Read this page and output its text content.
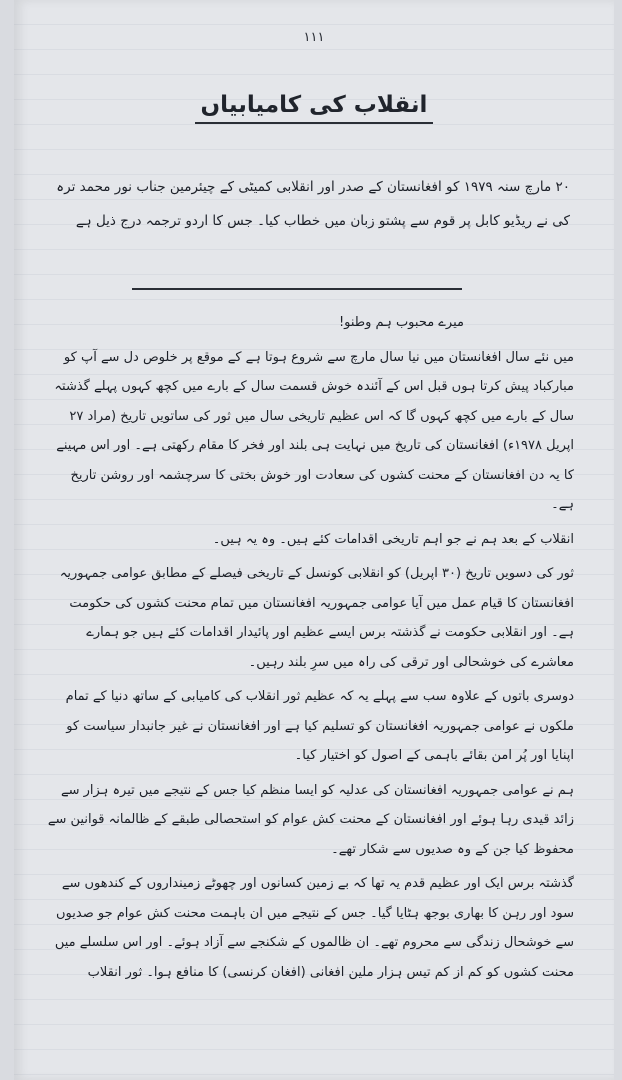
۱۱۱
انقلاب کی کامیابیاں
۲۰ مارچ سنہ ۱۹۷۹ کو افغانستان کے صدر اور انقلابی کمیٹی کے چیئرمین جناب نور محمد ترہ کی نے ریڈیو کابل پر قوم سے پشتو زبان میں خطاب کیا۔ جس کا اردو ترجمہ درج ذیل ہے

میرے محبوب ہم وطنو!

میں نئے سال افغانستان میں نیا سال مارچ سے شروع ہوتا ہے کے موقع پر خلوص دل سے آپ کو مبارکباد پیش کرتا ہوں قبل اس کے آئندہ خوش قسمت سال کے بارے میں کچھ کہوں پہلے گذشتہ سال کے بارے میں کچھ کہوں گا کہ اس عظیم تاریخی سال میں ثور کی ساتویں تاریخ (مراد ۲۷ اپریل ۱۹۷۸ء) افغانستان کی تاریخ میں نہایت ہی بلند اور فخر کا مقام رکھتی ہے۔ اور اس مہینے کا یہ دن افغانستان کے محنت کشوں کی سعادت اور خوش بختی کا سرچشمہ اور روشن تاریخ ہے۔

انقلاب کے بعد ہم نے جو اہم تاریخی اقدامات کئے ہیں۔ وہ یہ ہیں۔

ثور کی دسویں تاریخ (۳۰ اپریل) کو انقلابی کونسل کے تاریخی فیصلے کے مطابق عوامی جمہوریہ افغانستان کا قیام عمل میں آیا عوامی جمہوریہ افغانستان میں تمام محنت کشوں کی حکومت ہے۔ اور انقلابی حکومت نے گذشتہ برس ایسے عظیم اور پائیدار اقدامات کئے ہیں جو ہمارے معاشرے کی خوشحالی اور ترقی کی راہ میں سرِ بلند رہیں۔

دوسری باتوں کے علاوہ سب سے پہلے یہ کہ عظیم ثور انقلاب کی کامیابی کے ساتھ دنیا کے تمام ملکوں نے عوامی جمہوریہ افغانستان کو تسلیم کیا ہے اور افغانستان نے غیر جانبدار سیاست کو اپنایا اور پُر امن بقائے باہمی کے اصول کو اختیار کیا۔

ہم نے عوامی جمہوریہ افغانستان کی عدلیہ کو ایسا منظم کیا جس کے نتیجے میں تیرہ ہزار سے زائد قیدی رہا ہوئے اور افغانستان کے محنت کش عوام کو استحصالی طبقے کے ظالمانہ قوانین سے محفوظ کیا جن کے وہ صدیوں سے شکار تھے۔

گذشتہ برس ایک اور عظیم قدم یہ تھا کہ بے زمین کسانوں اور چھوٹے زمینداروں کے کندھوں سے سود اور رہن کا بھاری بوجھ ہٹایا گیا۔ جس کے نتیجے میں ان باہمت محنت کش عوام جو صدیوں سے خوشحال زندگی سے محروم تھے۔ ان ظالموں کے شکنجے سے آزاد ہوئے۔ اور اس سلسلے میں محنت کشوں کو کم از کم تیس ہزار ملین افغانی (افغان کرنسی) کا منافع ہوا۔ ثور انقلاب
